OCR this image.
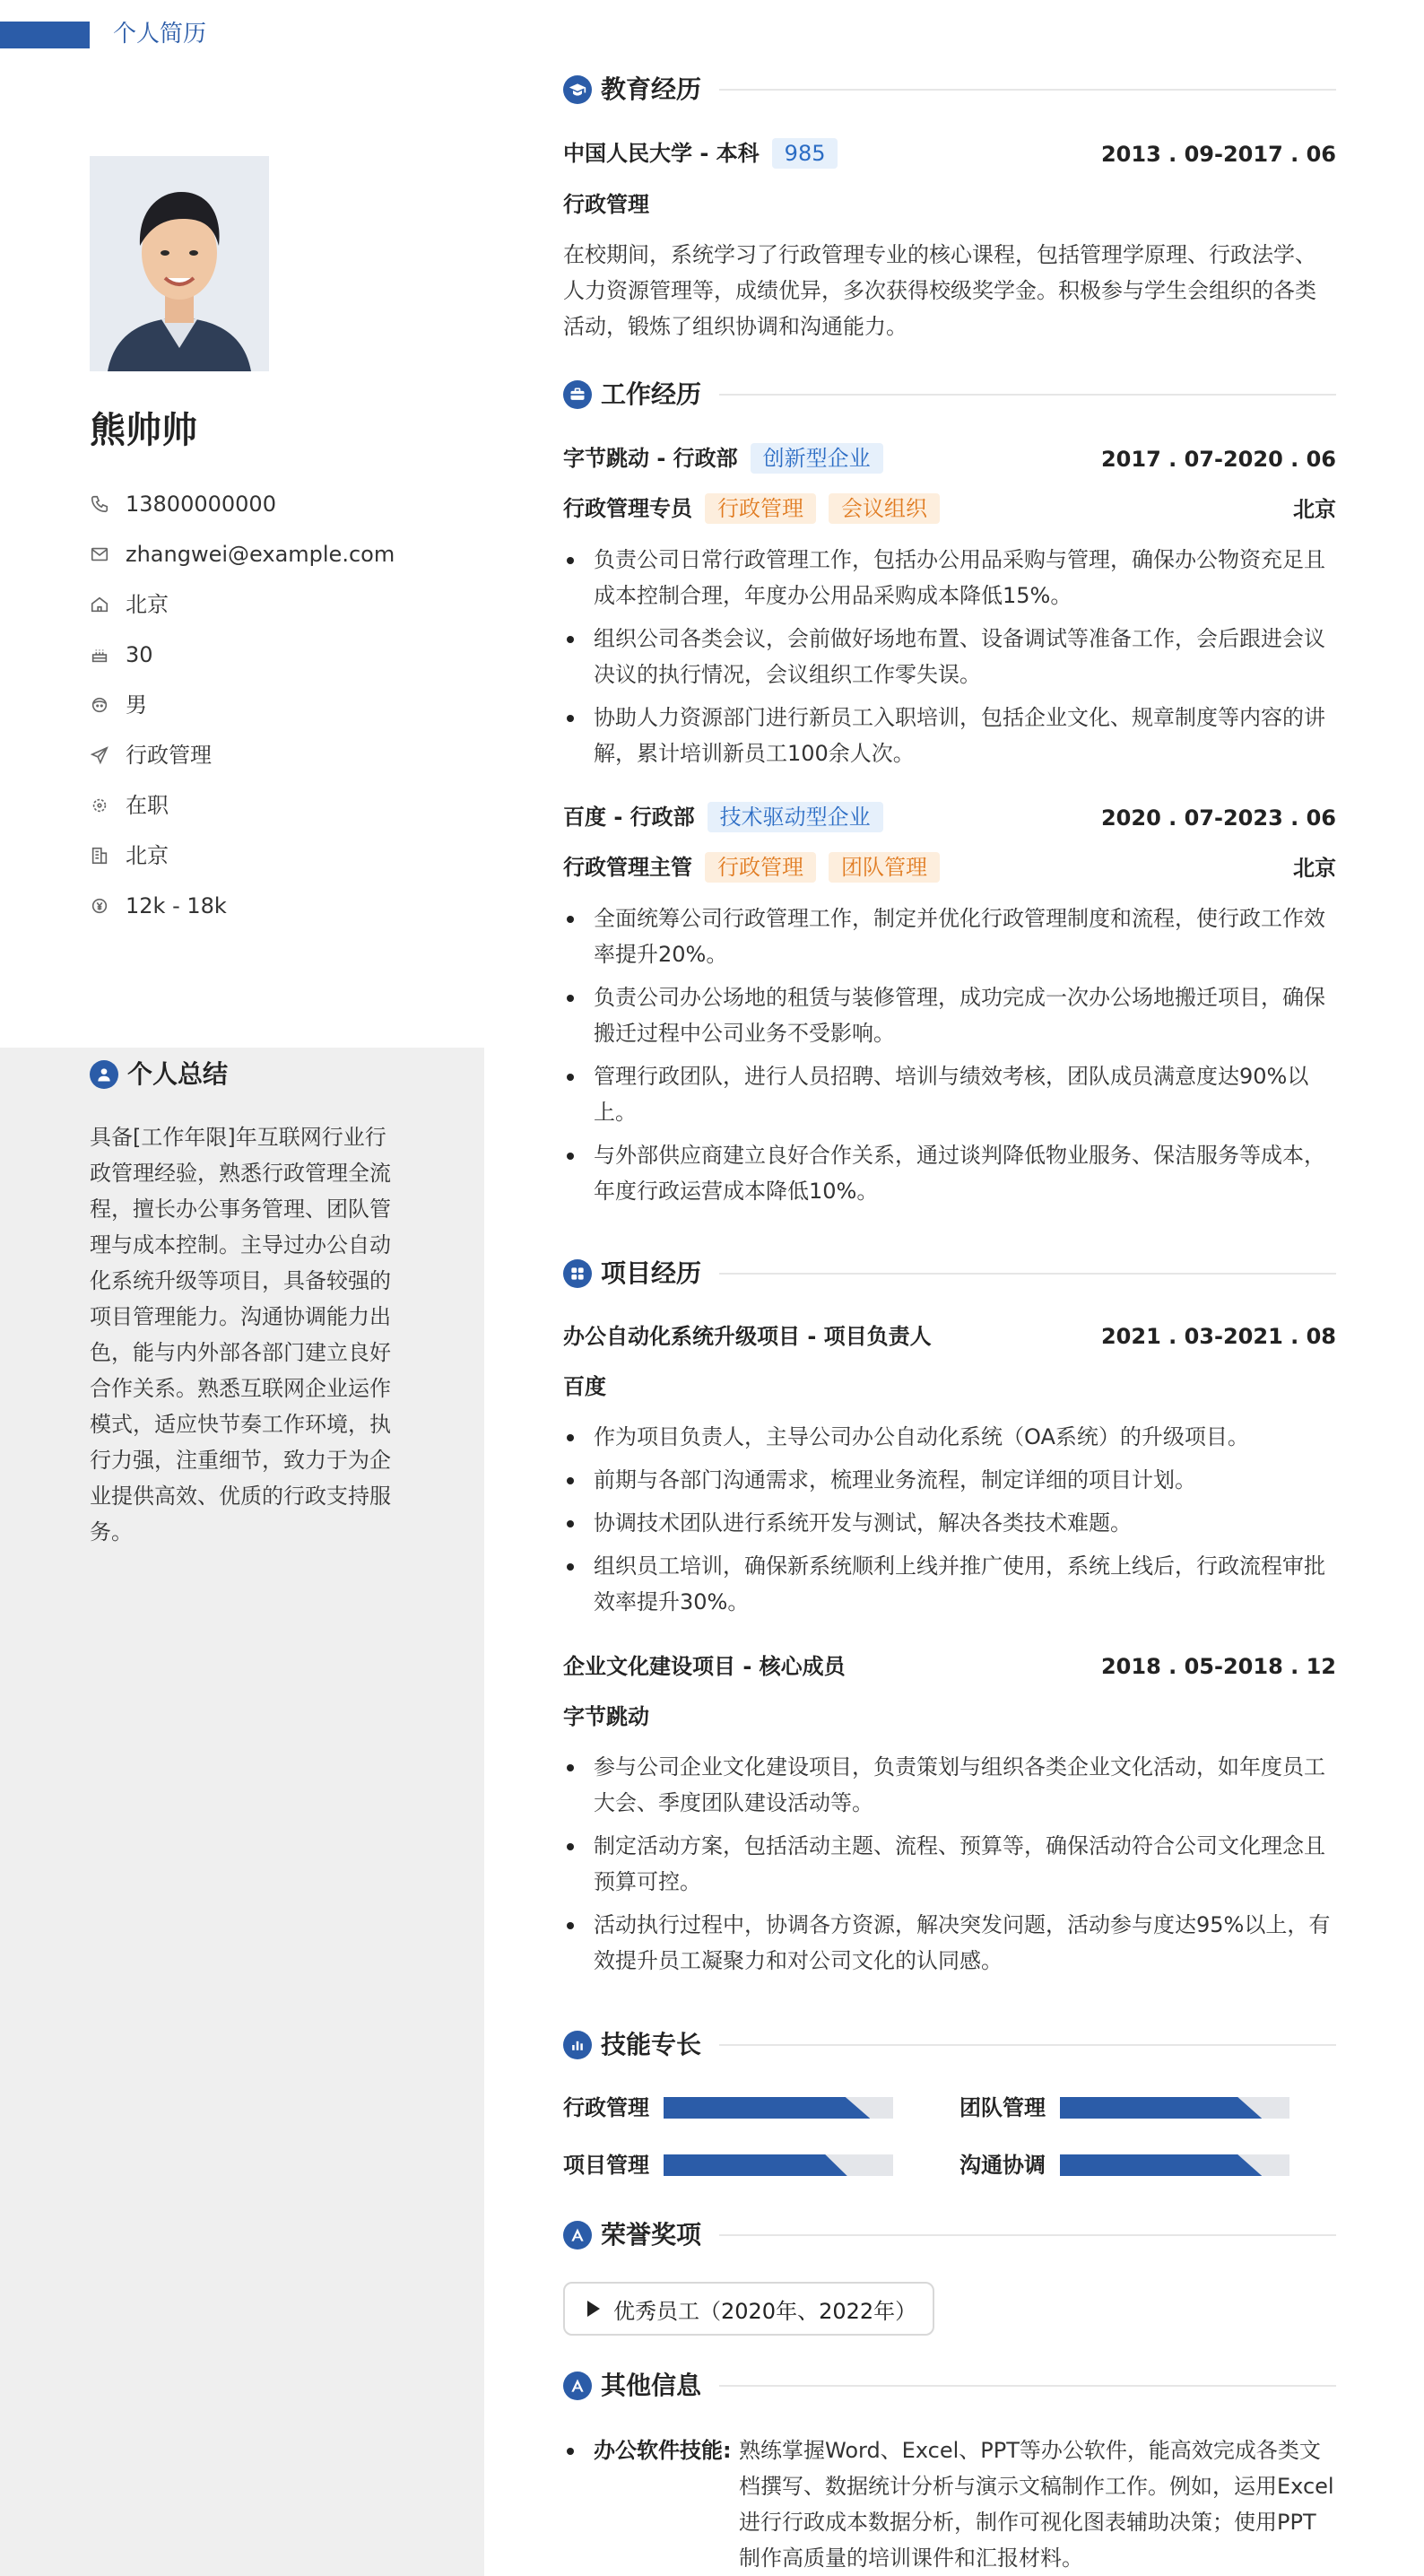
个人简历
熊帅帅
13800000000
zhangwei@example.com
北京
30
男
行政管理
在职
北京
12k - 18k
个人总结
具备[工作年限]年互联网行业行政管理经验，熟悉行政管理全流程，擅长办公事务管理、团队管理与成本控制。主导过办公自动化系统升级等项目，具备较强的项目管理能力。沟通协调能力出色，能与内外部各部门建立良好合作关系。熟悉互联网企业运作模式，适应快节奏工作环境，执行力强，注重细节，致力于为企业提供高效、优质的行政支持服务。
教育经历
中国人民大学 - 本科 985	2013 . 09-2017 . 06
行政管理
在校期间，系统学习了行政管理专业的核心课程，包括管理学原理、行政法学、人力资源管理等，成绩优异，多次获得校级奖学金。积极参与学生会组织的各类活动，锻炼了组织协调和沟通能力。
工作经历
字节跳动 - 行政部 创新型企业	2017 . 07-2020 . 06
行政管理专员 行政管理 会议组织	北京
负责公司日常行政管理工作，包括办公用品采购与管理，确保办公物资充足且成本控制合理，年度办公用品采购成本降低15%。
组织公司各类会议，会前做好场地布置、设备调试等准备工作，会后跟进会议决议的执行情况，会议组织工作零失误。
协助人力资源部门进行新员工入职培训，包括企业文化、规章制度等内容的讲解，累计培训新员工100余人次。
百度 - 行政部 技术驱动型企业	2020 . 07-2023 . 06
行政管理主管 行政管理 团队管理	北京
全面统筹公司行政管理工作，制定并优化行政管理制度和流程，使行政工作效率提升20%。
负责公司办公场地的租赁与装修管理，成功完成一次办公场地搬迁项目，确保搬迁过程中公司业务不受影响。
管理行政团队，进行人员招聘、培训与绩效考核，团队成员满意度达90%以上。
与外部供应商建立良好合作关系，通过谈判降低物业服务、保洁服务等成本，年度行政运营成本降低10%。
项目经历
办公自动化系统升级项目 - 项目负责人	2021 . 03-2021 . 08
百度
作为项目负责人，主导公司办公自动化系统（OA系统）的升级项目。
前期与各部门沟通需求，梳理业务流程，制定详细的项目计划。
协调技术团队进行系统开发与测试，解决各类技术难题。
组织员工培训，确保新系统顺利上线并推广使用，系统上线后，行政流程审批效率提升30%。
企业文化建设项目 - 核心成员	2018 . 05-2018 . 12
字节跳动
参与公司企业文化建设项目，负责策划与组织各类企业文化活动，如年度员工大会、季度团队建设活动等。
制定活动方案，包括活动主题、流程、预算等，确保活动符合公司文化理念且预算可控。
活动执行过程中，协调各方资源，解决突发问题，活动参与度达95%以上，有效提升员工凝聚力和对公司文化的认同感。
技能专长
行政管理	团队管理
项目管理	沟通协调
荣誉奖项
优秀员工（2020年、2022年）
其他信息
办公软件技能: 熟练掌握Word、Excel、PPT等办公软件，能高效完成各类文档撰写、数据统计分析与演示文稿制作工作。例如，运用Excel进行行政成本数据分析，制作可视化图表辅助决策；使用PPT制作高质量的培训课件和汇报材料。
